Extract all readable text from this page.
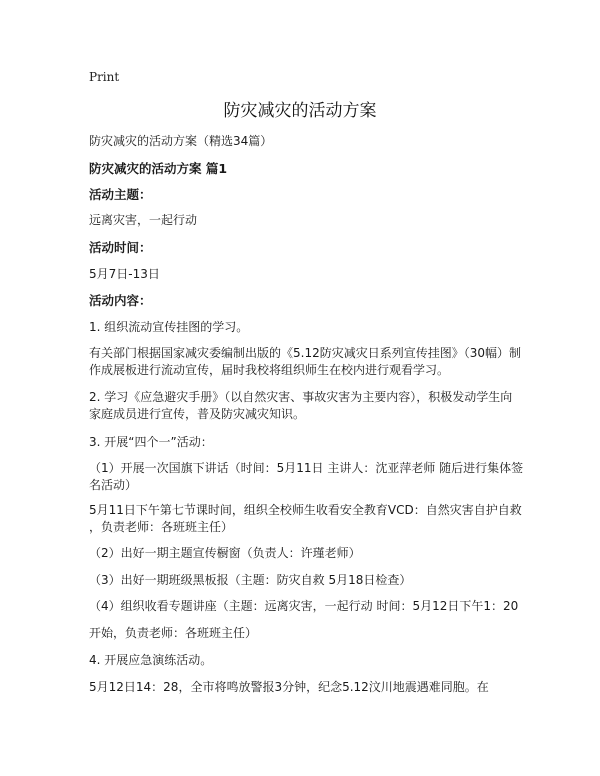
Print
防灾减灾的活动方案
防灾减灾的活动方案（精选34篇）
防灾减灾的活动方案 篇1
活动主题：
远离灾害，一起行动
活动时间：
5月7日-13日
活动内容：
1. 组织流动宣传挂图的学习。
有关部门根据国家减灾委编制出版的《5.12防灾减灾日系列宣传挂图》（30幅）制
作成展板进行流动宣传，届时我校将组织师生在校内进行观看学习。
2. 学习《应急避灾手册》（以自然灾害、事故灾害为主要内容），积极发动学生向
家庭成员进行宣传，普及防灾减灾知识。
3. 开展“四个一”活动：
（1）开展一次国旗下讲话（时间：5月11日 主讲人：沈亚萍老师 随后进行集体签
名活动）
5月11日下午第七节课时间，组织全校师生收看安全教育VCD：自然灾害自护自救
，负责老师：各班班主任）
（2）出好一期主题宣传橱窗（负责人：许瑾老师）
（3）出好一期班级黑板报（主题：防灾自救 5月18日检查）
（4）组织收看专题讲座（主题：远离灾害，一起行动 时间：5月12日下午1：20
开始，负责老师：各班班主任）
4. 开展应急演练活动。
5月12日14：28，全市将鸣放警报3分钟，纪念5.12汶川地震遇难同胞。在
